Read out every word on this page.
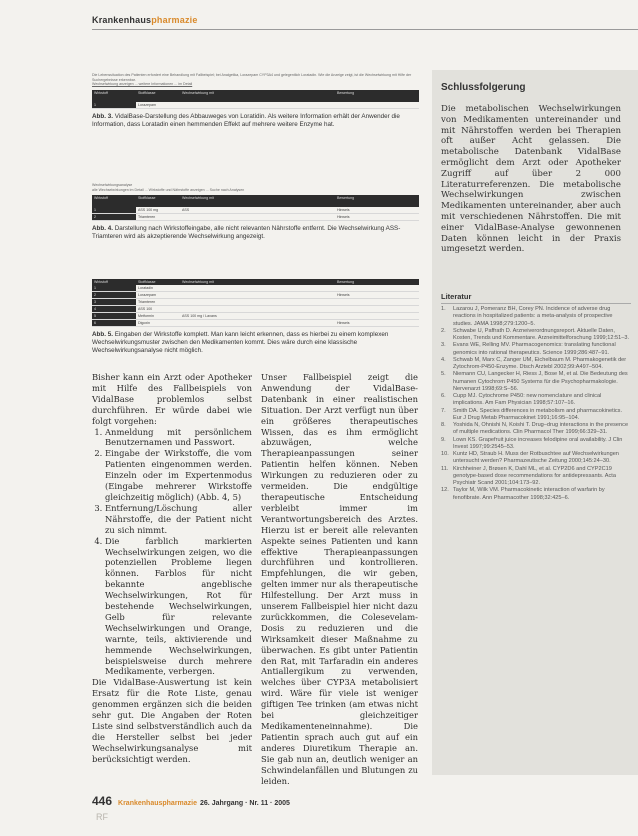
Krankenhauspharmazie
Die Lebenssituation des Patienten erfordert eine Behandlung mit Fallbeispiel; bei Analgetika, Lorazepam CYP3A4 und gelegentlich Loratadin. Wie die Anzeige zeigt, ist die Wechselwirkung mit Hilfe der Suchergebnisse erkennbar.
Wechselwirkung anzeigen ... weitere Informationen ... im Detail
Wirkstoff	Stoffklasse	Wechselwirkung mit	Bewertung

1	Lorazepam		
Abb. 3. VidalBase-Darstellung des Abbauweges von Loratidin. Als weitere Information erhält der Anwender die Information, dass Loratadin einen hemmenden Effekt auf mehrere weitere Enzyme hat.
Wechselwirkungsanalyse
alle Wechselwirkungen im Detail ... Wirkstoffe und Nährstoffe anzeigen ... Suche nach Analysen
Wirkstoff	Stoffklasse	Wechselwirkung mit	Bewertung

1	ASS 100 mg	ASS	Hinweis
2	Triamteren		Hinweis
Abb. 4. Darstellung nach Wirkstoffeingabe, alle nicht relevanten Nährstoffe entfernt. Die Wechselwirkung ASS-Triamteren wird als akzeptierende Wechselwirkung angezeigt.
Wirkstoff	Stoffklasse	Wechselwirkung mit	Bewertung
1	Loratadin		
2	Lorazepam		Hinweis
3	Triamteren		
4	ASS 100		
5	Metformin	ASS 100 mg / Laxans	
6	Digoxin		Hinweis
Abb. 5. Eingaben der Wirkstoffe komplett. Man kann leicht erkennen, dass es hierbei zu einem komplexen Wechselwirkungsmuster zwischen den Medikamenten kommt. Dies wäre durch eine klassische Wechselwirkungsanalyse nicht möglich.

Bisher kann ein Arzt oder Apotheker mit Hilfe des Fallbeispiels von VidalBase problemlos selbst durchführen. Er würde dabei wie folgt vorgehen:

1. Anmeldung mit persönlichem Benutzernamen und Passwort.
2. Eingabe der Wirkstoffe, die vom Patienten eingenommen werden. Einzeln oder im Expertenmodus (Eingabe mehrerer Wirkstoffe gleichzeitig möglich) (Abb. 4, 5)
3. Entfernung/Löschung aller Nährstoffe, die der Patient nicht zu sich nimmt.
4. Die farblich markierten Wechselwirkungen zeigen, wo die potenziellen Probleme liegen können. Farblos für nicht bekannte angeblische Wechselwirkungen, Rot für bestehende Wechselwirkungen, Gelb für relevante Wechselwirkungen und Orange, warnte, teils, aktivierende und hemmende Wechselwirkungen, beispielsweise durch mehrere Medikamente, verbergen.

Die VidalBase-Auswertung ist kein Ersatz für die Rote Liste, genau genommen ergänzen sich die beiden sehr gut. Die Angaben der Roten Liste sind selbstverständlich auch da die Hersteller selbst bei jeder Wechselwirkungsanalyse mit berücksichtigt werden.

Unser Fallbeispiel zeigt die Anwendung der VidalBase-Datenbank in einer realistischen Situation. Der Arzt verfügt nun über ein größeres therapeutisches Wissen, das es ihm ermöglicht abzuwägen, welche Therapieanpassungen seiner Patientin helfen können. Neben Wirkungen zu reduzieren oder zu vermeiden. Die endgültige therapeutische Entscheidung verbleibt immer im Verantwortungsbereich des Arztes. Hierzu ist er bereit alle relevanten Aspekte seines Patienten und kann effektive Therapieanpassungen durchführen und kontrollieren. Empfehlungen, die wir geben, gelten immer nur als therapeutische Hilfestellung. Der Arzt muss in unserem Fallbeispiel hier nicht dazu zurückkommen, die Colesevelam-Dosis zu reduzieren und die Wirksamkeit dieser Maßnahme zu überwachen. Es gibt unter Patientin den Rat, mit Tarfaradin ein anderes Antiallergikum zu verwenden, welches über CYP3A metabolisiert wird. Wäre für viele ist weniger giftigen Tee trinken (am etwas nicht bei gleichzeitiger Medikamenteneinnahme). Die Patientin sprach auch gut auf ein anderes Diuretikum Therapie an. Sie gab nun an, deutlich weniger an Schwindelanfällen und Blutungen zu leiden.

Schlussfolgerung

Die metabolischen Wechselwirkungen von Medikamenten untereinander und mit Nährstoffen werden bei Therapien oft außer Acht gelassen. Die metabolische Datenbank VidalBase ermöglicht dem Arzt oder Apotheker Zugriff auf über 2 000 Literaturreferenzen. Die metabolische Wechselwirkungen zwischen Medikamenten untereinander, aber auch mit verschiedenen Nährstoffen. Die mit einer VidalBase-Analyse gewonnenen Daten können leicht in der Praxis umgesetzt werden.

Literatur
1. Lazarou J, Pomeranz BH, Corey PN. Incidence of adverse drug reactions in hospitalized patients: a meta-analysis of prospective studies. JAMA 1998;279:1200–5.
2. Schwabe U, Paffrath D. Arzneiverordnungsreport. Aktuelle Daten, Kosten, Trends und Kommentare. Arzneimittelforschung 1999;12:51–3.
3. Evans WE, Relling MV. Pharmacogenomics: translating functional genomics into rational therapeutics. Science 1999;286:487–91.
4. Schwab M, Marx C, Zanger UM, Eichelbaum M. Pharmakogenetik der Zytochrom-P450-Enzyme. Dtsch Arztebl 2002;99:A497–504.
5. Niemann CU, Langecker H, Riess J, Bose M, et al. Die Bedeutung des humanen Cytochrom P450 Systems für die Psychopharmakologie. Nervenarzt 1998;69:S–56.
6. Cupp MJ. Cytochrome P450: new nomenclature and clinical implications. Am Fam Physician 1998;57:107–16.
7. Smith DA. Species differences in metabolism and pharmacokinetics. Eur J Drug Metab Pharmacokinet 1991;16:95–104.
8. Yoshida N, Ohnishi N, Koishi T. Drug–drug interactions in the presence of multiple medications. Clin Pharmacol Ther 1999;66:329–31.
9. Lown KS. Grapefruit juice increases felodipine oral availability. J Clin Invest 1997;99:2545–53.
10. Kuntz HD, Straub H. Muss der Rotbuschtee auf Wechselwirkungen untersucht werden? Pharmazeutische Zeitung 2000;145:24–30.
11. Kirchheiner J, Brøsen K, Dahl ML, et al. CYP2D6 and CYP2C19 genotype-based dose recommendations for antidepressants. Acta Psychiatr Scand 2001;104:173–92.
12. Taylor M, Wilk VM. Pharmacokinetic interaction of warfarin by fenofibrate. Ann Pharmacother 1998;32:425–6.
446 Krankenhauspharmazie 26. Jahrgang · Nr. 11 · 2005
RF
